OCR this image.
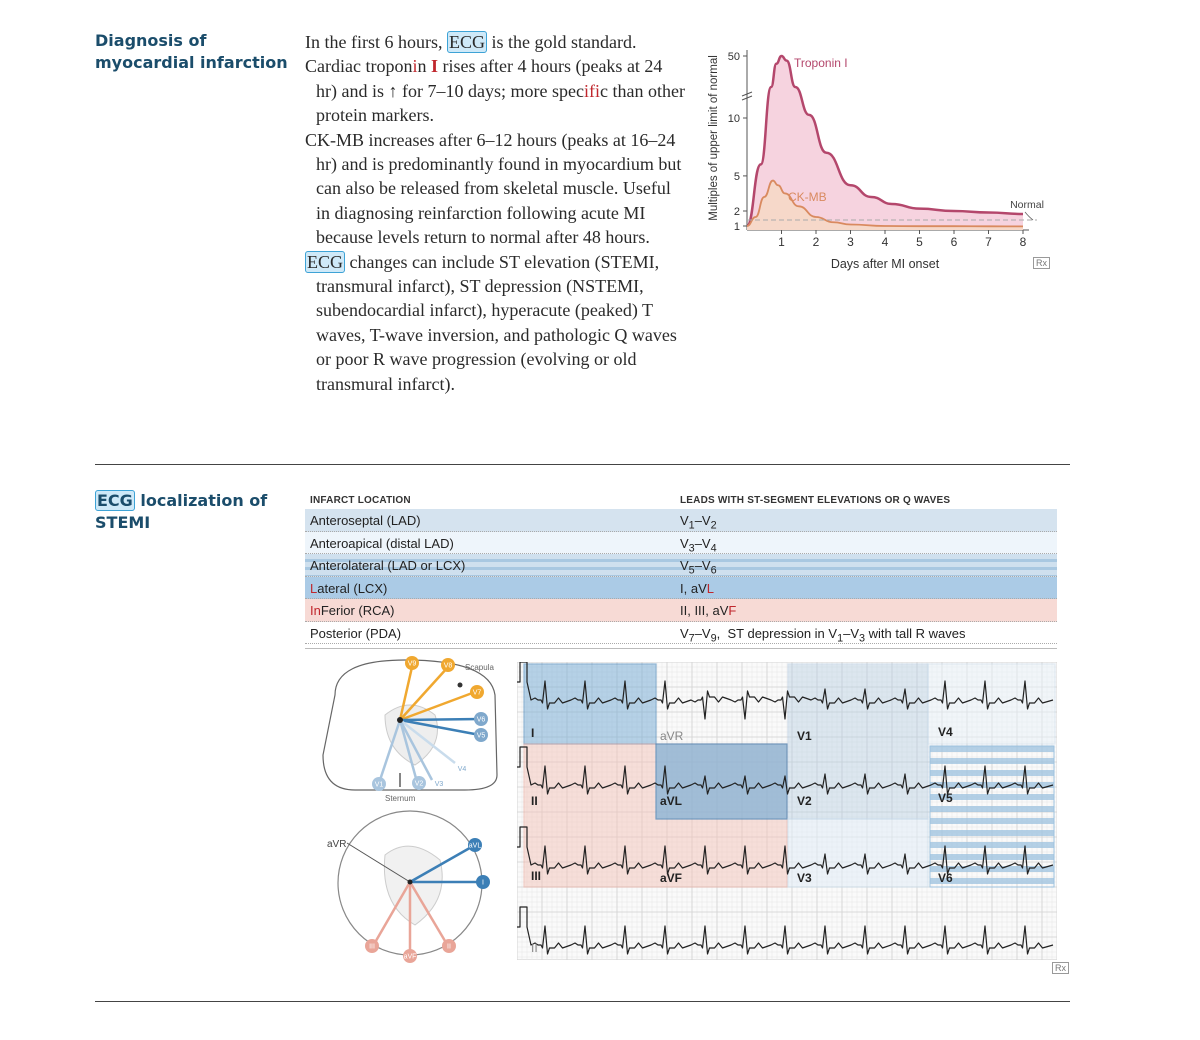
Diagnosis of
myocardial infarction

In the first 6 hours, ECG is the gold standard.

Cardiac troponin I rises after 4 hours (peaks at 24 hr) and is ↑ for 7–10 days; more specific than other protein markers.

CK-MB increases after 6–12 hours (peaks at 16–24 hr) and is predominantly found in myocardium but can also be released from skeletal muscle. Useful in diagnosing reinfarction following acute MI because levels return to normal after 48 hours.

ECG changes can include ST elevation (STEMI, transmural infarct), ST depression (NSTEMI, subendocardial infarct), hyperacute (peaked) T waves, T-wave inversion, and pathologic Q waves or poor R wave progression (evolving or old transmural infarct).

1
2
5
10
50
1 2 3 4 5 6 7 8
Normal
Troponin I
CK-MB
Days after MI onset
Multiples of upper limit of normal
ECG localization of
STEMI
INFARCT LOCATION	LEADS WITH ST-SEGMENT ELEVATIONS OR Q WAVES
Anteroseptal (LAD)	$V_1-V_2$
Anteroapical (distal LAD)	$V_3-V_4$
Anterolateral (LAD or LCX)	$V_5-V_6$
Lateral (LCX)	I, aVL
InFerior (RCA)	II, III, aVF
Posterior (PDA)	$V_7-V_9$,  ST depression in $V_1-V_3$ with tall R waves
Scapula
Sternum
V9	V8
V7
V6
V5
V4
V3
V2
V1
aVR	aVL
I
III
aVF
II
I	aVR	V1	V4
II	aVL	V2	V5
III	aVF	V3	V6
II
Rx
Rx
